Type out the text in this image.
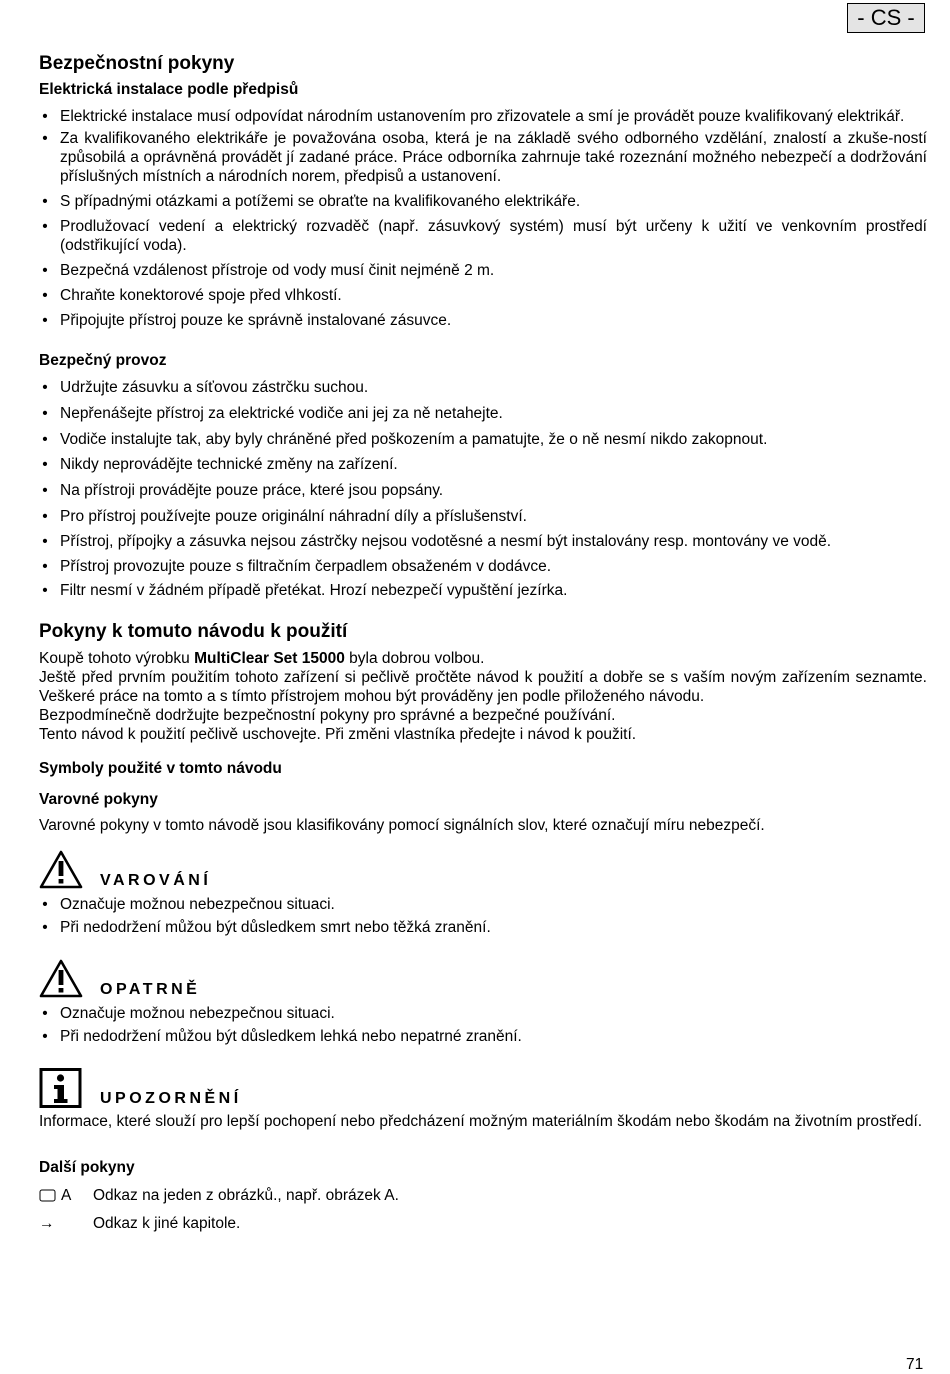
- CS -
Bezpečnostní pokyny
Elektrická instalace podle předpisů
• Elektrické instalace musí odpovídat národním ustanovením pro zřizovatele a smí je provádět pouze kvalifikovaný elektrikář.
• Za kvalifikovaného elektrikáře je považována osoba, která je na základě svého odborného vzdělání, znalostí a zkuše-ností způsobilá a oprávněná provádět jí zadané práce. Práce odborníka zahrnuje také rozeznání možného nebezpečí a dodržování příslušných místních a národních norem, předpisů a ustanovení.
• S případnými otázkami a potížemi se obraťte na kvalifikovaného elektrikáře.
• Prodlužovací vedení a elektrický rozvaděč (např. zásuvkový systém) musí být určeny k užití ve venkovním prostředí (odstřikující voda).
• Bezpečná vzdálenost přístroje od vody musí činit nejméně 2 m.
• Chraňte konektorové spoje před vlhkostí.
• Připojujte přístroj pouze ke správně instalované zásuvce.
Bezpečný provoz
• Udržujte zásuvku a síťovou zástrčku suchou.
• Nepřenášejte přístroj za elektrické vodiče ani jej za ně netahejte.
• Vodiče instalujte tak, aby byly chráněné před poškozením a pamatujte, že o ně nesmí nikdo zakopnout.
• Nikdy neprovádějte technické změny na zařízení.
• Na přístroji provádějte pouze práce, které jsou popsány.
• Pro přístroj používejte pouze originální náhradní díly a příslušenství.
• Přístroj, přípojky a zásuvka nejsou zástrčky nejsou vodotěsné a nesmí být instalovány resp. montovány ve vodě.
• Přístroj provozujte pouze s filtračním čerpadlem obsaženém v dodávce.
• Filtr nesmí v žádném případě přetékat. Hrozí nebezpečí vypuštění jezírka.
Pokyny k tomuto návodu k použití

Koupě tohoto výrobku MultiClear Set 15000 byla dobrou volbou.

Ještě před prvním použitím tohoto zařízení si pečlivě pročtěte návod k použití a dobře se s vaším novým zařízením seznamte. Veškeré práce na tomto a s tímto přístrojem mohou být prováděny jen podle přiloženého návodu.

Bezpodmínečně dodržujte bezpečnostní pokyny pro správné a bezpečné používání.

Tento návod k použití pečlivě uschovejte. Při změni vlastníka předejte i návod k použití.

Symboly použité v tomto návodu
Varovné pokyny

Varovné pokyny v tomto návodě jsou klasifikovány pomocí signálních slov, které označují míru nebezpečí.

VAROVÁNÍ
• Označuje možnou nebezpečnou situaci.
• Při nedodržení můžou být důsledkem smrt nebo těžká zranění.
OPATRNĚ
• Označuje možnou nebezpečnou situaci.
• Při nedodržení můžou být důsledkem lehká nebo nepatrné zranění.
UPOZORNĚNÍ

Informace, které slouží pro lepší pochopení nebo předcházení možným materiálním škodám nebo škodám na životním prostředí.

Další pokyny
A Odkaz na jeden z obrázků., např. obrázek A.
→ Odkaz k jiné kapitole.
71
